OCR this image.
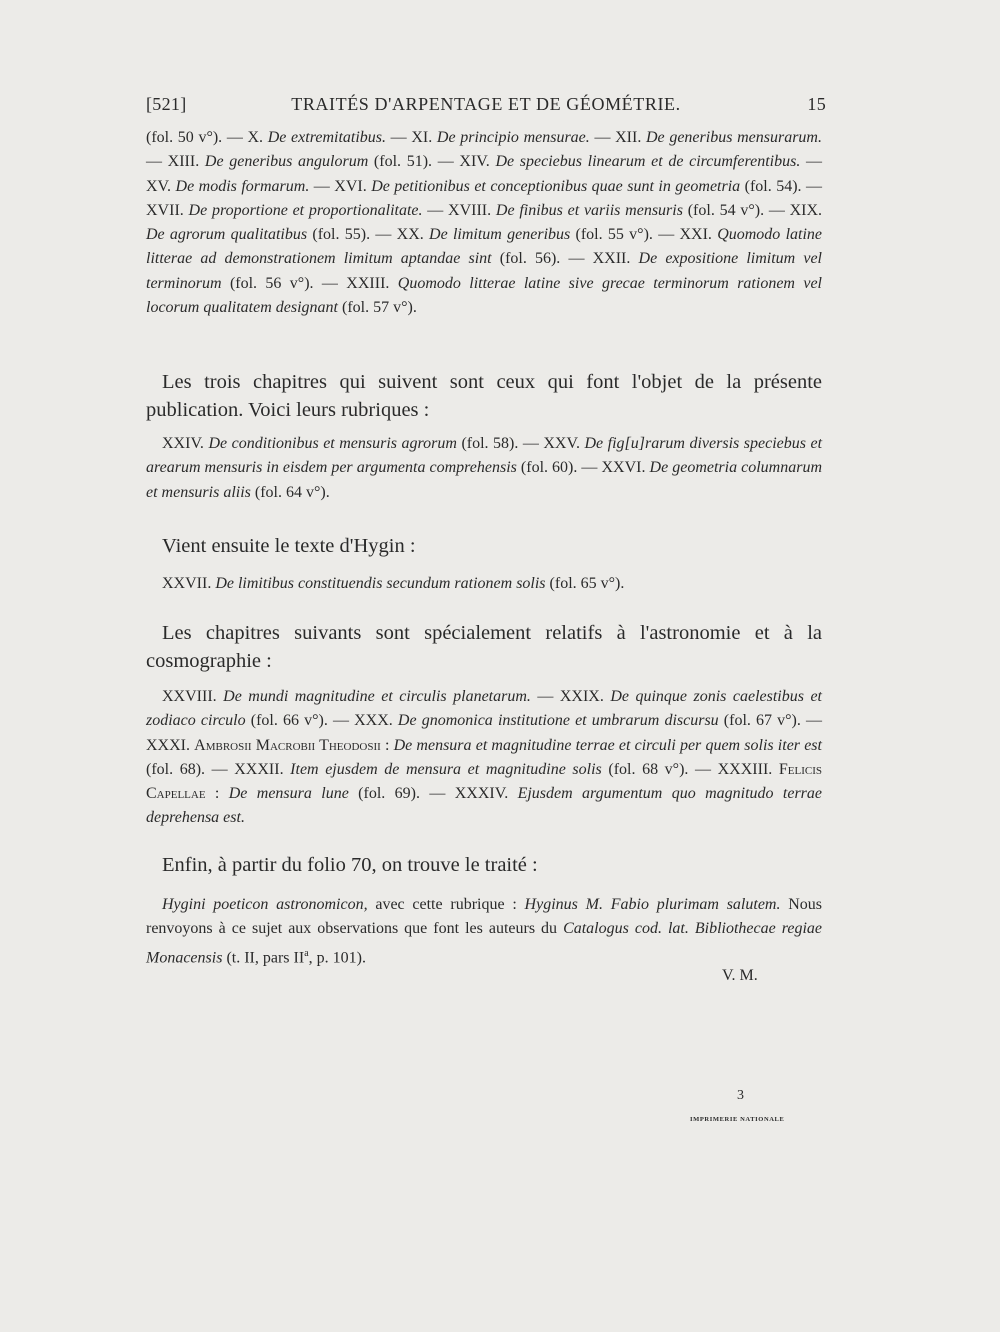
[521]	TRAITÉS D'ARPENTAGE ET DE GÉOMÉTRIE.	15
(fol. 50 v°). — X. De extremitatibus. — XI. De principio mensurae. — XII. De generibus mensurarum. — XIII. De generibus angulorum (fol. 51). — XIV. De speciebus linearum et de circumferentibus. — XV. De modis formarum. — XVI. De petitionibus et conceptionibus quae sunt in geometria (fol. 54). — XVII. De proportione et proportionalitate. — XVIII. De finibus et variis mensuris (fol. 54 v°). — XIX. De agrorum qualitatibus (fol. 55). — XX. De limitum generibus (fol. 55 v°). — XXI. Quomodo latine litterae ad demonstrationem limitum aptandae sint (fol. 56). — XXII. De expositione limitum vel terminorum (fol. 56 v°). — XXIII. Quomodo litterae latine sive grecae terminorum rationem vel locorum qualitatem designant (fol. 57 v°).
Les trois chapitres qui suivent sont ceux qui font l'objet de la présente publication. Voici leurs rubriques :
XXIV. De conditionibus et mensuris agrorum (fol. 58). — XXV. De fig[u]rarum diversis speciebus et arearum mensuris in eisdem per argumenta comprehensis (fol. 60). — XXVI. De geometria columnarum et mensuris aliis (fol. 64 v°).
Vient ensuite le texte d'Hygin :
XXVII. De limitibus constituendis secundum rationem solis (fol. 65 v°).
Les chapitres suivants sont spécialement relatifs à l'astronomie et à la cosmographie :
XXVIII. De mundi magnitudine et circulis planetarum. — XXIX. De quinque zonis caelestibus et zodiaco circulo (fol. 66 v°). — XXX. De gnomonica institutione et umbrarum discursu (fol. 67 v°). — XXXI. Ambrosii Macrobii Theodosii : De mensura et magnitudine terrae et circuli per quem solis iter est (fol. 68). — XXXII. Item ejusdem de mensura et magnitudine solis (fol. 68 v°). — XXXIII. Felicis Capellae : De mensura lune (fol. 69). — XXXIV. Ejusdem argumentum quo magnitudo terrae deprehensa est.
Enfin, à partir du folio 70, on trouve le traité :
Hygini poeticon astronomicon, avec cette rubrique : Hyginus M. Fabio plurimam salutem. Nous renvoyons à ce sujet aux observations que font les auteurs du Catalogus cod. lat. Bibliothecae regiae Monacensis (t. II, pars $II^a$, p. 101).
V. M.
3
IMPRIMERIE NATIONALE
